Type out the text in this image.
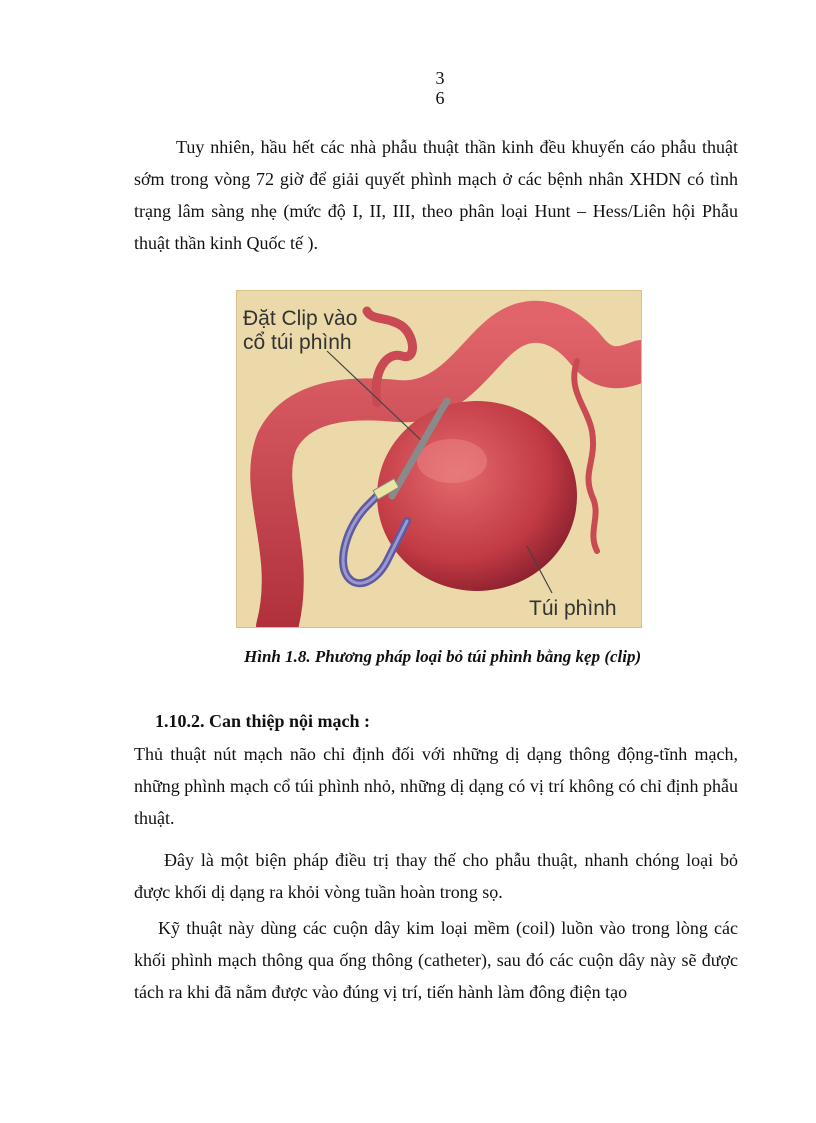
3
6

Tuy nhiên, hầu hết các nhà phẫu thuật thần kinh đều khuyến cáo phẫu thuật sớm trong vòng 72 giờ để giải quyết phình mạch ở các bệnh nhân XHDN có tình trạng lâm sàng nhẹ (mức độ I, II, III, theo phân loại Hunt – Hess/Liên hội Phẫu thuật thần kinh Quốc tế ).

Đặt Clip vào
cổ túi phình
Túi phình
Hình 1.8. Phương pháp loại bỏ túi phình bằng kẹp (clip)
1.10.2. Can thiệp nội mạch :

Thủ thuật nút mạch não chỉ định đối với những dị dạng thông động-tĩnh mạch, những phình mạch cổ túi phình nhỏ, những dị dạng có vị trí không có chỉ định phẫu thuật.

Đây là một biện pháp điều trị thay thế cho phẫu thuật, nhanh chóng loại bỏ được khối dị dạng ra khỏi vòng tuần hoàn trong sọ.

Kỹ thuật này dùng các cuộn dây kim loại mềm (coil) luồn vào trong lòng các khối phình mạch thông qua ống thông (catheter), sau đó các cuộn dây này sẽ được tách ra khi đã nằm được vào đúng vị trí, tiến hành làm đông điện tạo
